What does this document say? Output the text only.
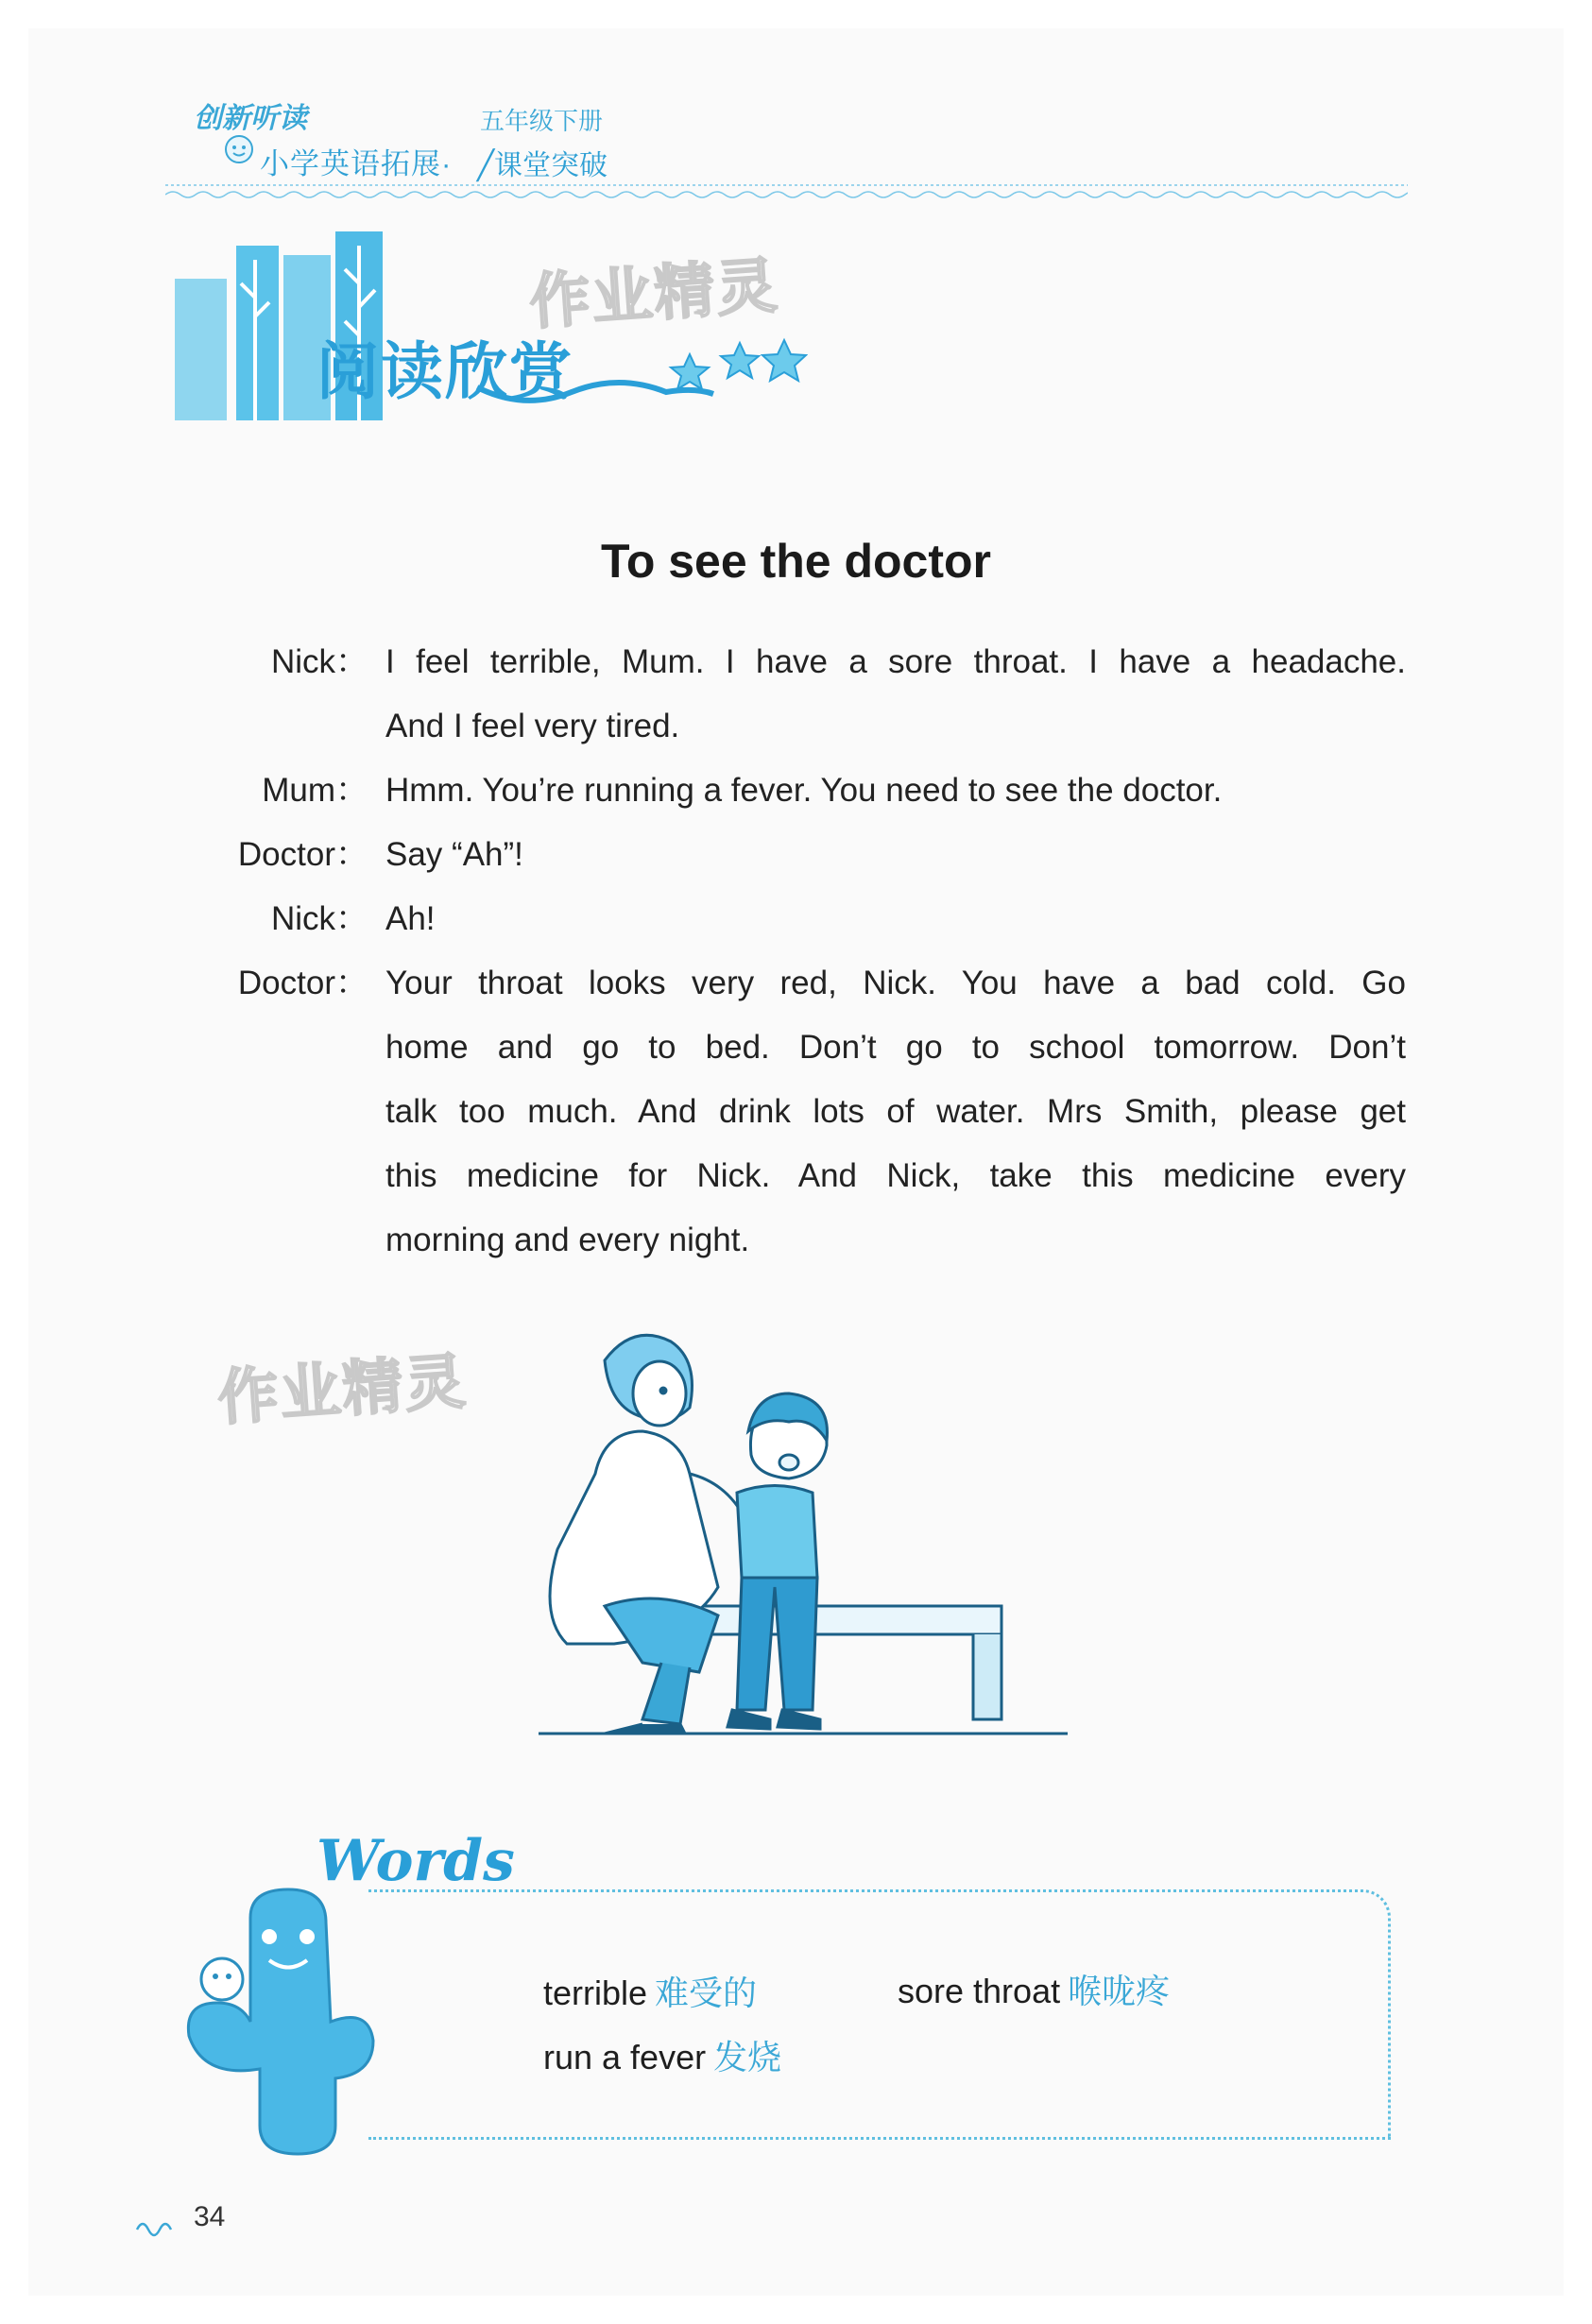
创新听读	五年级下册
小学英语拓展· ╱课堂突破
阅读欣赏
作业精灵
To see the doctor
Nick： I feel terrible, Mum. I have a sore throat. I have a headache.
And I feel very tired.
Mum： Hmm. You’re running a fever. You need to see the doctor.
Doctor： Say “Ah”!
Nick： Ah!
Doctor： Your throat looks very red, Nick. You have a bad cold. Go
home and go to bed. Don’t go to school tomorrow. Don’t
talk too much. And drink lots of water. Mrs Smith, please get
this medicine for Nick. And Nick, take this medicine every
morning and every night.
作业精灵
Words
terrible 难受的	sore throat 喉咙疼
run a fever 发烧
34
